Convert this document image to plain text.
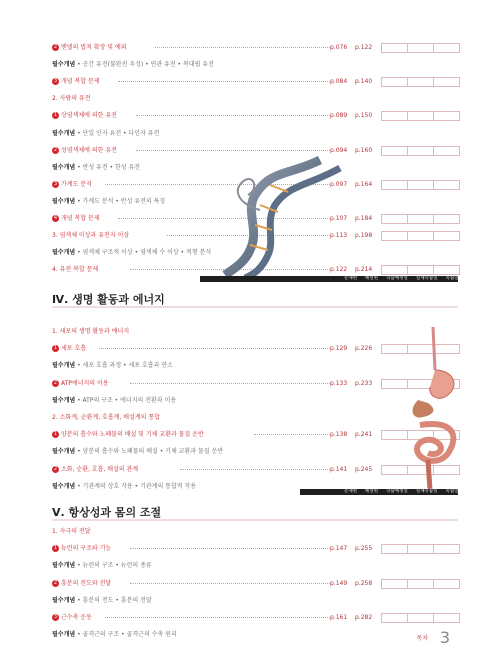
2 멘델의 법칙 확장 및 예외	p.076 p.122
필수개념 • 공간 유전(불완전 우성) • 연관 유전 • 복대립 유전
3 개념 복합 문제	p.084 p.140
2. 사람의 유전
1 상염색체에 의한 유전	p.089 p.150
필수개념 • 단일 인자 유전 • 다인자 유전
2 성염색체에 의한 유전	p.094 p.160
필수개념 • 반성 유전 • 한성 유전
3 가계도 분석	p.097 p.164
필수개념 • 가계도 분석 • 반성 유전의 특징
4 개념 복합 문제	p.107 p.184
3. 염색체 이상과 유전자 이상	p.113 p.198
필수개념 • 염색체 구조적 이상 • 염색체 수 이상 • 적형 분석
4. 유전 복합 문제	p.122 p.214
문제편 해설편 학습예정일 실제학습일 복습일
Ⅳ. 생명 활동과 에너지
1. 세포의 생명 활동과 에너지
1 세포 호흡	p.129 p.226
필수개념 • 세포 호흡 과정 • 세포 호흡과 연소
2 ATP에너지의 이용	p.133 p.233
필수개념 • ATP의 구조 • 에너지의 전환과 이용
2. 소화계, 순환계, 호흡계, 배설계의 통합
1 양분의 흡수와 노폐물의 배설 및 기체 교환과 물질 운반	p.138 p.241
필수개념 • 양분의 흡수와 노폐물의 배설 • 기체 교환과 물질 운반
2 소화, 순환, 호흡, 배설의 관계	p.141 p.245
필수개념 • 기관계의 상호 작용 • 기관계의 통합적 작용
문제편 해설편 학습예정일 실제학습일 복습일
Ⅴ. 항상성과 몸의 조절
1. 자극의 전달
1 뉴런의 구조와 기능	p.147 p.255
필수개념 • 뉴런의 구조 • 뉴런의 종류
2 흥분의 전도와 전달	p.149 p.258
필수개념 • 흥분의 전도 • 흥분의 전달
3 근수축 운동	p.161 p.282
필수개념 • 골격근의 구조 • 골격근의 수축 원리
목차 3
